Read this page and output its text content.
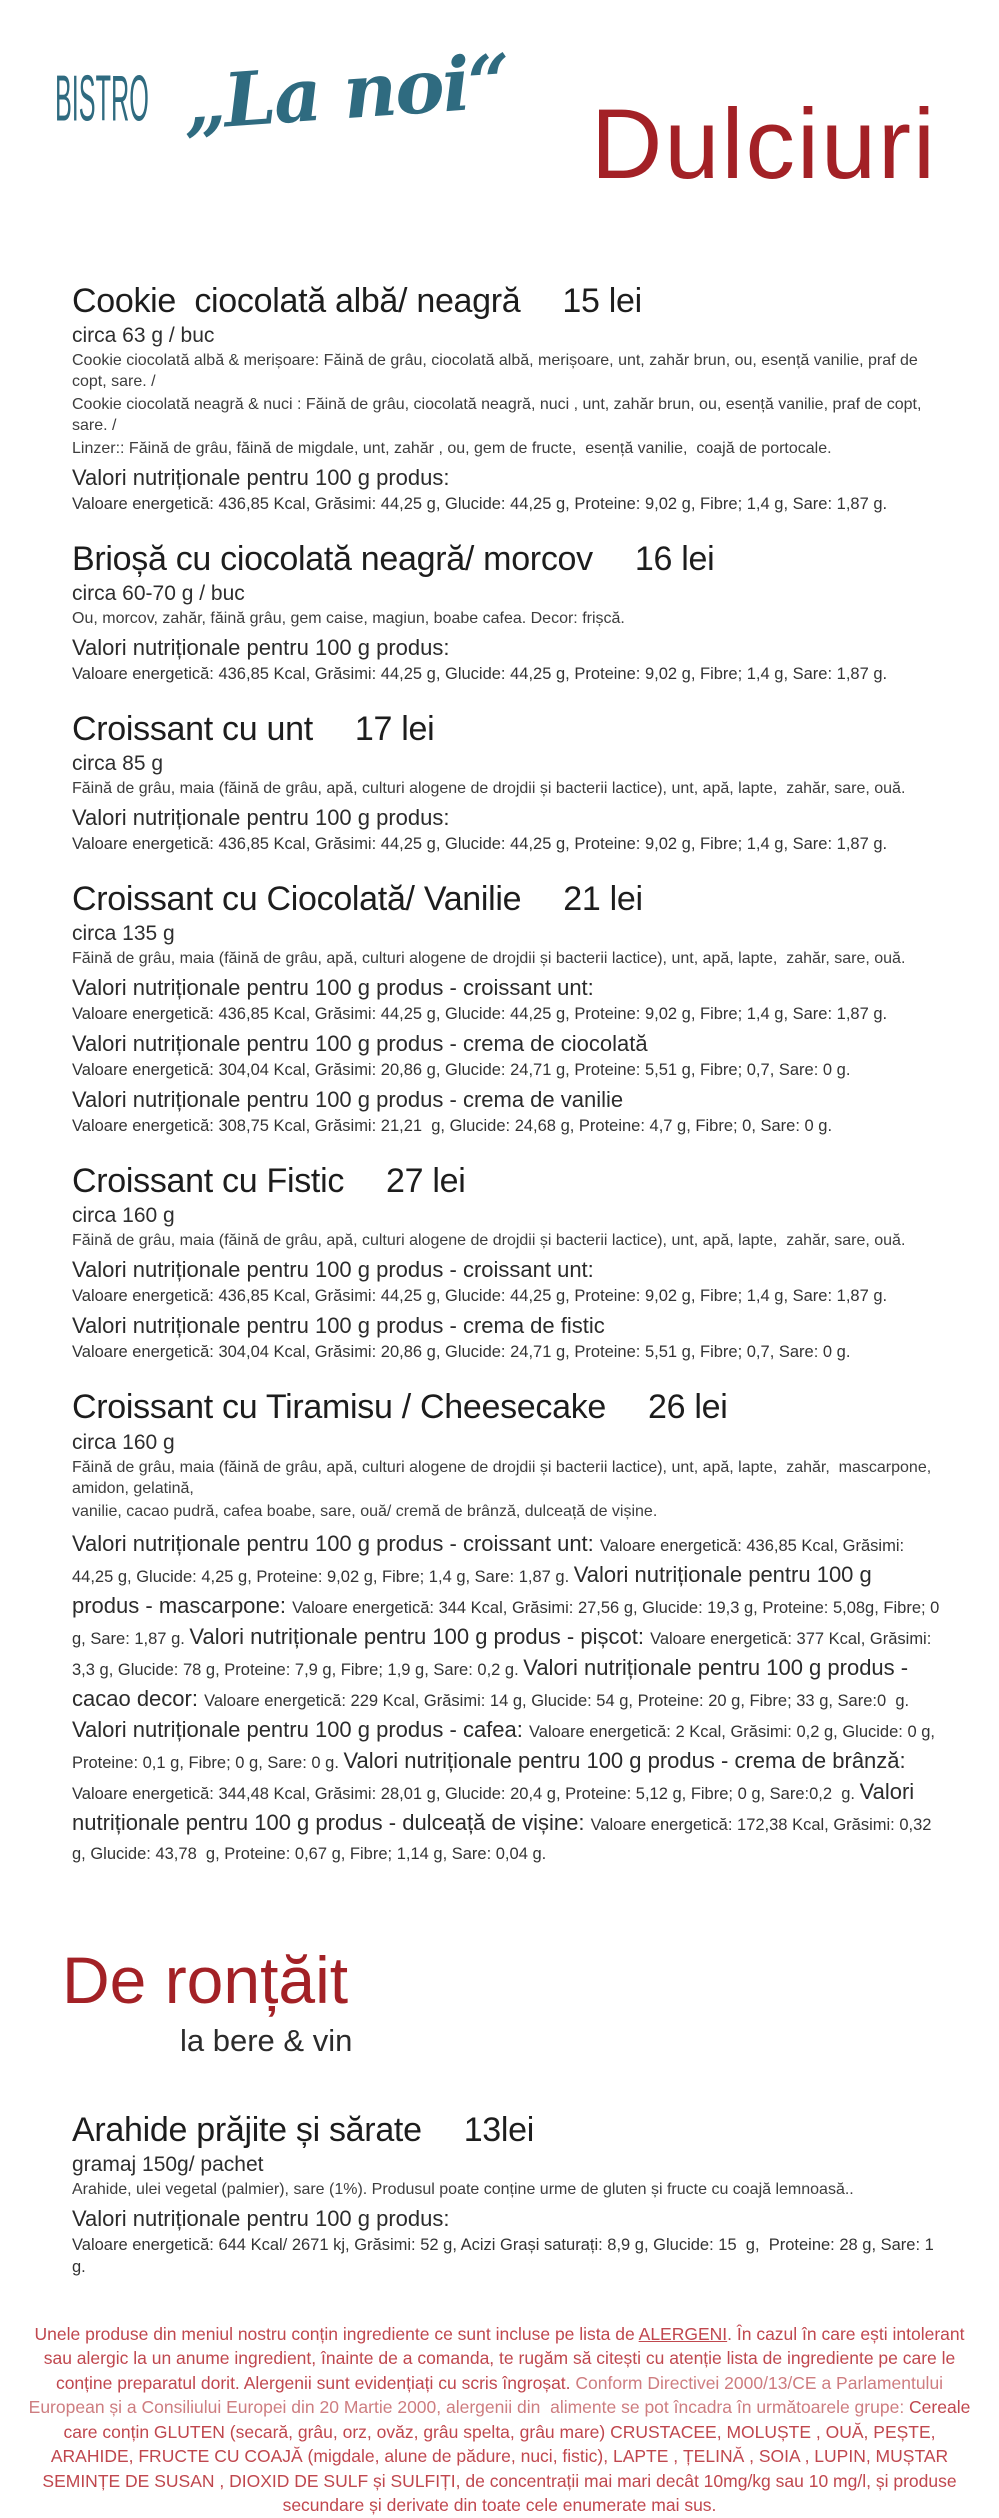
BISTRO „La noi“ Dulciuri
Cookie  ciocolată albă/ neagră 15 lei
circa 63 g / buc
Cookie ciocolată albă & merișoare: Făină de grâu, ciocolată albă, merișoare, unt, zahăr brun, ou, esență vanilie, praf de copt, sare. /
Cookie ciocolată neagră & nuci : Făină de grâu, ciocolată neagră, nuci , unt, zahăr brun, ou, esență vanilie, praf de copt, sare. /
Linzer:: Făină de grâu, făină de migdale, unt, zahăr , ou, gem de fructe,  esență vanilie,  coajă de portocale.
Valori nutriționale pentru 100 g produs:
Valoare energetică: 436,85 Kcal, Grăsimi: 44,25 g, Glucide: 44,25 g, Proteine: 9,02 g, Fibre; 1,4 g, Sare: 1,87 g.
Brioșă cu ciocolată neagră/ morcov 16 lei
circa 60-70 g / buc
Ou, morcov, zahăr, făină grâu, gem caise, magiun, boabe cafea. Decor: frișcă.
Valori nutriționale pentru 100 g produs:
Valoare energetică: 436,85 Kcal, Grăsimi: 44,25 g, Glucide: 44,25 g, Proteine: 9,02 g, Fibre; 1,4 g, Sare: 1,87 g.
Croissant cu unt 17 lei
circa 85 g
Făină de grâu, maia (făină de grâu, apă, culturi alogene de drojdii și bacterii lactice), unt, apă, lapte,  zahăr, sare, ouă.
Valori nutriționale pentru 100 g produs:
Valoare energetică: 436,85 Kcal, Grăsimi: 44,25 g, Glucide: 44,25 g, Proteine: 9,02 g, Fibre; 1,4 g, Sare: 1,87 g.
Croissant cu Ciocolată/ Vanilie 21 lei
circa 135 g
Făină de grâu, maia (făină de grâu, apă, culturi alogene de drojdii și bacterii lactice), unt, apă, lapte,  zahăr, sare, ouă.
Valori nutriționale pentru 100 g produs - croissant unt:
Valoare energetică: 436,85 Kcal, Grăsimi: 44,25 g, Glucide: 44,25 g, Proteine: 9,02 g, Fibre; 1,4 g, Sare: 1,87 g.
Valori nutriționale pentru 100 g produs - crema de ciocolată
Valoare energetică: 304,04 Kcal, Grăsimi: 20,86 g, Glucide: 24,71 g, Proteine: 5,51 g, Fibre; 0,7, Sare: 0 g.
Valori nutriționale pentru 100 g produs - crema de vanilie
Valoare energetică: 308,75 Kcal, Grăsimi: 21,21  g, Glucide: 24,68 g, Proteine: 4,7 g, Fibre; 0, Sare: 0 g.
Croissant cu Fistic 27 lei
circa 160 g
Făină de grâu, maia (făină de grâu, apă, culturi alogene de drojdii și bacterii lactice), unt, apă, lapte,  zahăr, sare, ouă.
Valori nutriționale pentru 100 g produs - croissant unt:
Valoare energetică: 436,85 Kcal, Grăsimi: 44,25 g, Glucide: 44,25 g, Proteine: 9,02 g, Fibre; 1,4 g, Sare: 1,87 g.
Valori nutriționale pentru 100 g produs - crema de fistic
Valoare energetică: 304,04 Kcal, Grăsimi: 20,86 g, Glucide: 24,71 g, Proteine: 5,51 g, Fibre; 0,7, Sare: 0 g.
Croissant cu Tiramisu / Cheesecake 26 lei
circa 160 g
Făină de grâu, maia (făină de grâu, apă, culturi alogene de drojdii și bacterii lactice), unt, apă, lapte,  zahăr,  mascarpone, amidon, gelatină,
vanilie, cacao pudră, cafea boabe, sare, ouă/ cremă de brânză, dulceață de vișine.
Valori nutriționale pentru 100 g produs - croissant unt: Valoare energetică: 436,85 Kcal, Grăsimi: 44,25 g, Glucide: 4,25 g, Proteine: 9,02 g, Fibre; 1,4 g, Sare: 1,87 g. Valori nutriționale pentru 100 g produs - mascarpone: Valoare energetică: 344 Kcal, Grăsimi: 27,56 g, Glucide: 19,3 g, Proteine: 5,08g, Fibre; 0 g, Sare: 1,87 g. Valori nutriționale pentru 100 g produs - pișcot: Valoare energetică: 377 Kcal, Grăsimi: 3,3 g, Glucide: 78 g, Proteine: 7,9 g, Fibre; 1,9 g, Sare: 0,2 g. Valori nutriționale pentru 100 g produs - cacao decor: Valoare energetică: 229 Kcal, Grăsimi: 14 g, Glucide: 54 g, Proteine: 20 g, Fibre; 33 g, Sare:0  g. Valori nutriționale pentru 100 g produs - cafea: Valoare energetică: 2 Kcal, Grăsimi: 0,2 g, Glucide: 0 g, Proteine: 0,1 g, Fibre; 0 g, Sare: 0 g. Valori nutriționale pentru 100 g produs - crema de brânză: Valoare energetică: 344,48 Kcal, Grăsimi: 28,01 g, Glucide: 20,4 g, Proteine: 5,12 g, Fibre; 0 g, Sare:0,2  g. Valori nutriționale pentru 100 g produs - dulceață de vișine: Valoare energetică: 172,38 Kcal, Grăsimi: 0,32 g, Glucide: 43,78  g, Proteine: 0,67 g, Fibre; 1,14 g, Sare: 0,04 g.
De ronțăit
la bere & vin
Arahide prăjite și sărate 13lei
gramaj 150g/ pachet
Arahide, ulei vegetal (palmier), sare (1%). Produsul poate conține urme de gluten și fructe cu coajă lemnoasă..
Valori nutriționale pentru 100 g produs:
Valoare energetică: 644 Kcal/ 2671 kj, Grăsimi: 52 g, Acizi Grași saturați: 8,9 g, Glucide: 15  g,  Proteine: 28 g, Sare: 1  g.
Unele produse din meniul nostru conțin ingrediente ce sunt incluse pe lista de ALERGENI. În cazul în care ești intolerant sau alergic la un anume ingredient, înainte de a comanda, te rugăm să citești cu atenție lista de ingrediente pe care le conține preparatul dorit. Alergenii sunt evidențiați cu scris îngroșat. Conform Directivei 2000/13/CE a Parlamentului European și a Consiliului Europei din 20 Martie 2000, alergenii din  alimente se pot încadra în următoarele grupe: Cereale care conțin GLUTEN (secară, grâu, orz, ovăz, grâu spelta, grâu mare) CRUSTACEE, MOLUȘTE , OUĂ, PEȘTE, ARAHIDE, FRUCTE CU COAJĂ (migdale, alune de pădure, nuci, fistic), LAPTE , ȚELINĂ , SOIA , LUPIN, MUȘTAR SEMINȚE DE SUSAN , DIOXID DE SULF și SULFIȚI, de concentrații mai mari decât 10mg/kg sau 10 mg/l, și produse secundare și derivate din toate cele enumerate mai sus.
